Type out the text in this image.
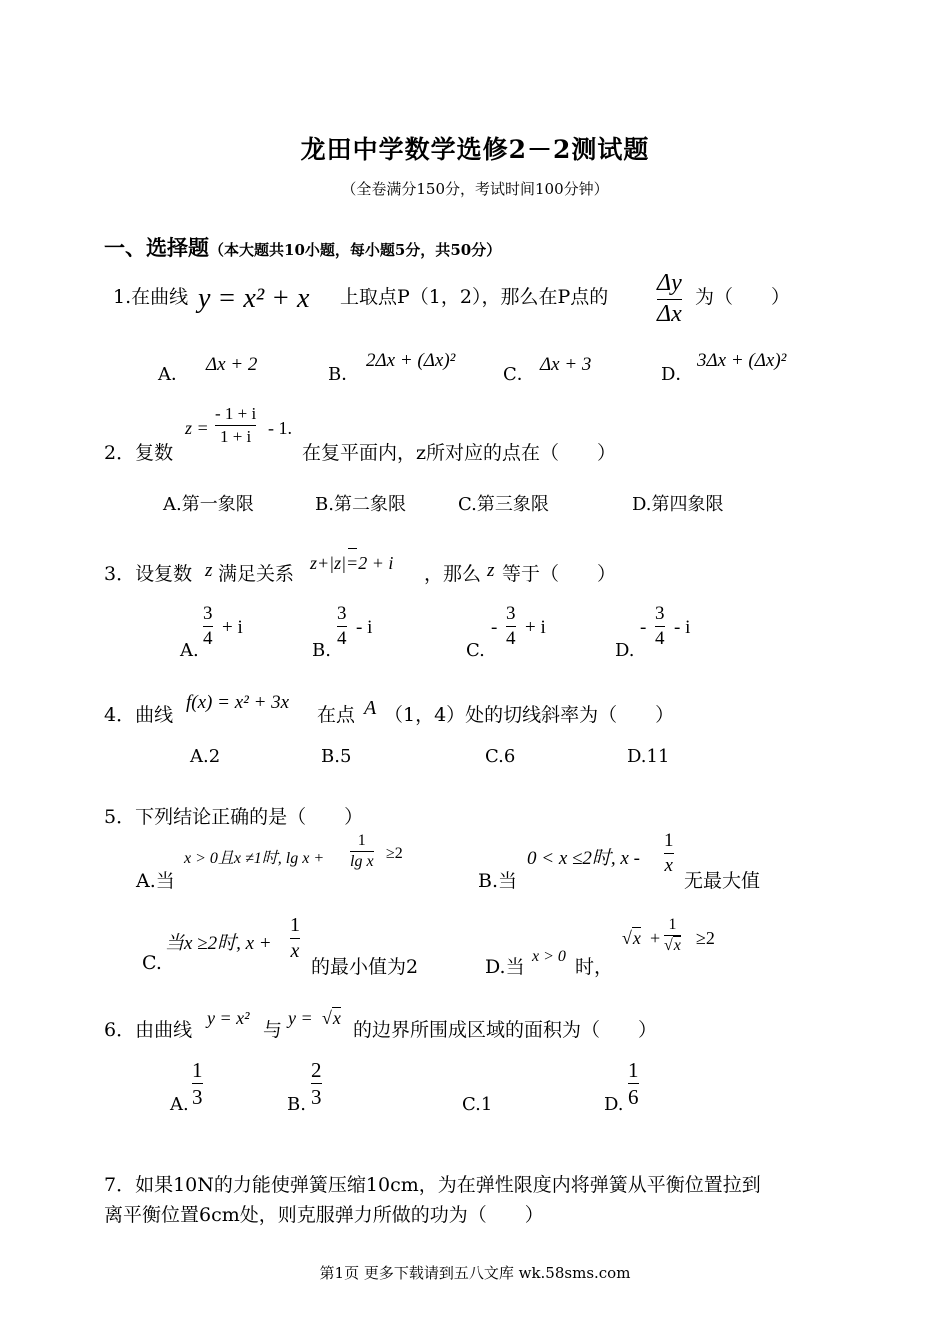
龙田中学数学选修2－2测试题
（全卷满分150分，考试时间100分钟）
一、选择题（本大题共10小题，每小题5分，共50分）
1.在曲线 y = x² + x 上取点P（1，2），那么在P点的
Δy
Δx
为（　　）
A． Δx + 2	B．
2Δx + (Δx)²
C． Δx + 3	D．
3Δx + (Δx)²
2．复数
z =
- 1 + i
1 + i - 1.
在复平面内，z所对应的点在（　　）
A.第一象限	B.第二象限	C.第三象限	D.第四象限
3．设复数 z 满足关系 z+|z|=2 + i ，那么 z 等于（　　）
A.
3
4
+ i
B.
3
4
- i
C.
-
3
4
+ i
D.
-
3
4
- i
4．曲线
f(x) = x² + 3x
在点 A （1，4）处的切线斜率为（　　）
A.2	B.5	C.6	D.11
5．下列结论正确的是（　　）
A.当
x > 0且x ≠1时, lg x +
1
lg x ≥2
B.当
0 < x ≤2时, x -
1
x
无最大值
C.
当x ≥2时, x +
1
x
的最小值为2	D.当 x > 0 时，
√x +
1
√x ≥2
6．由曲线
y = x²
与
y = √x
的边界所围成区域的面积为（　　）
A.
1
3	B.
2
3	C.1	D.
1
6
7．如果10N的力能使弹簧压缩10cm，为在弹性限度内将弹簧从平衡位置拉到
离平衡位置6cm处，则克服弹力所做的功为（　　）
第1页 更多下载请到五八文库 wk.58sms.com
